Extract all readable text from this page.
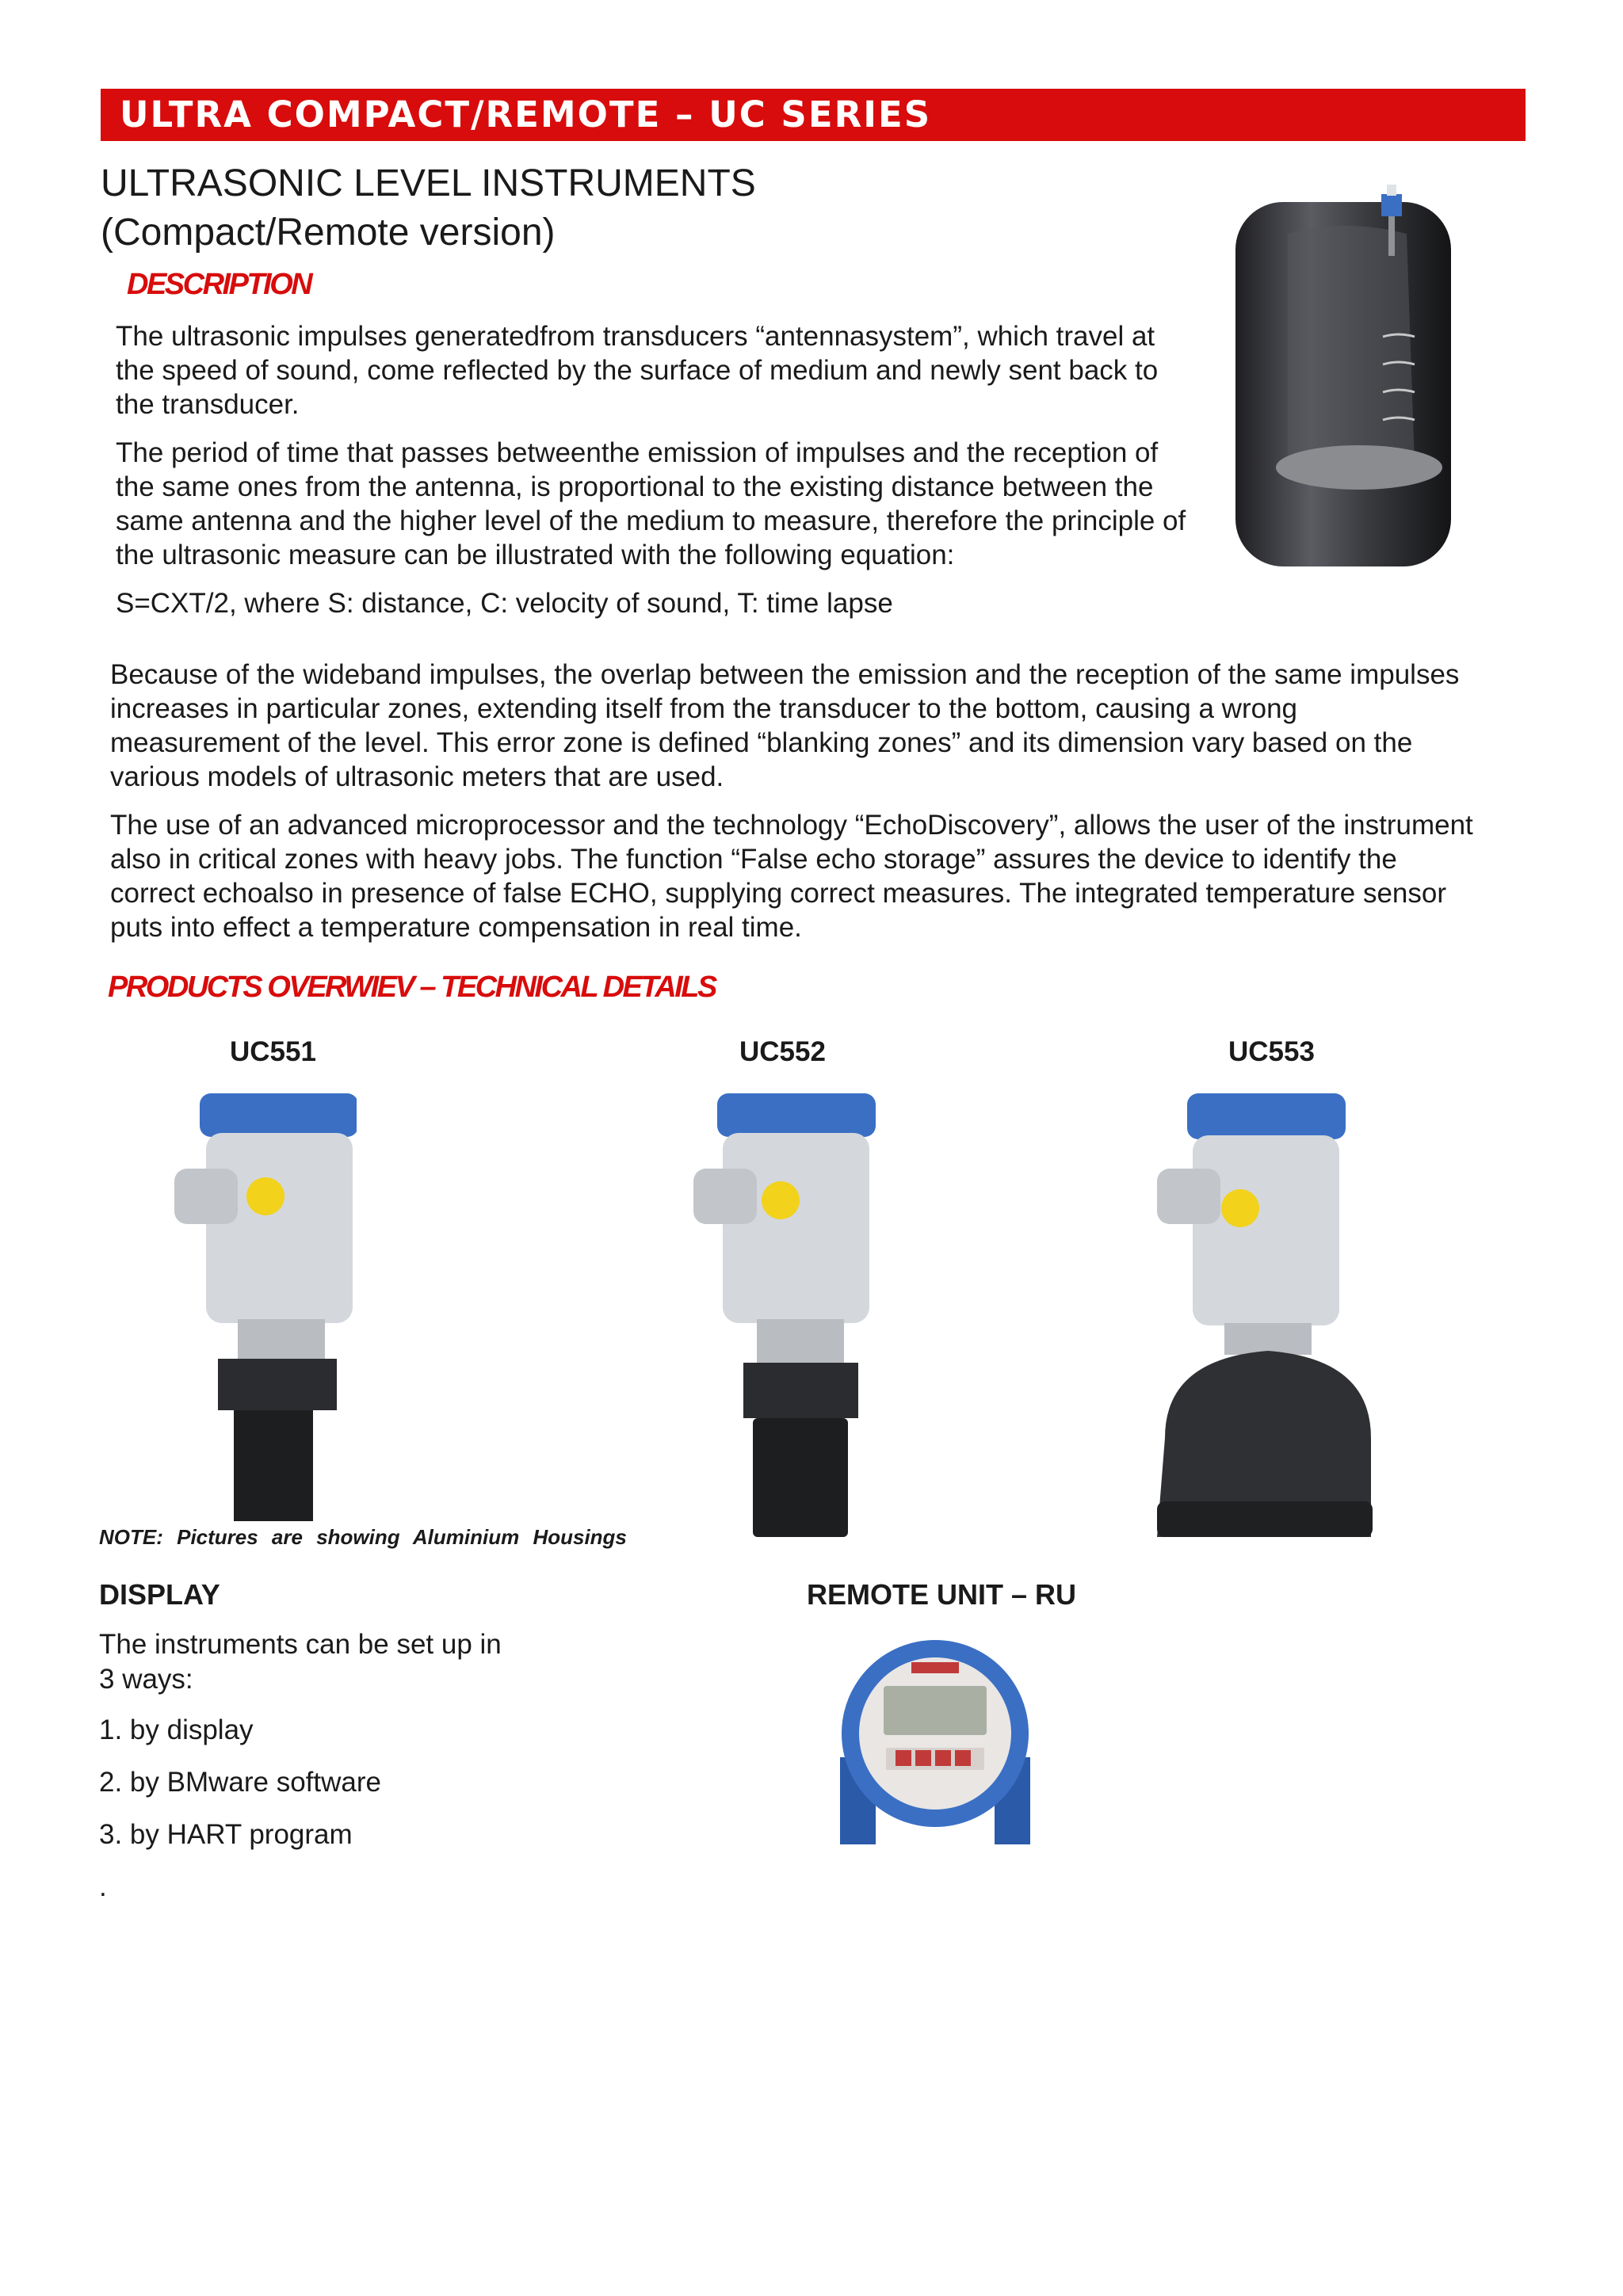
ULTRA COMPACT/REMOTE – UC SERIES
ULTRASONIC LEVEL INSTRUMENTS
(Compact/Remote version)
DESCRIPTION

The ultrasonic impulses generatedfrom transducers “antennasystem”, which travel at the speed of sound, come reflected by the surface of medium and newly sent back to the transducer.

The period of time that passes betweenthe emission of impulses and the reception of the same ones from the antenna, is proportional to the existing distance between the same antenna and the higher level of the medium to measure, therefore the principle of the ultrasonic measure can be illustrated with the following equation:

S=CXT/2, where S: distance, C: velocity of sound, T: time lapse

Because of the wideband impulses, the overlap between the emission and the reception of the same impulses increases in particular zones, extending itself from the transducer to the bottom, causing a wrong measurement of the level. This error zone is defined “blanking zones” and its dimension vary based on the various models of ultrasonic meters that are used.

The use of an advanced microprocessor and the technology “EchoDiscovery”, allows the user of the instrument also in critical zones with heavy jobs. The function “False echo storage” assures the device to identify the correct echoalso in presence of false ECHO, supplying correct measures. The integrated temperature sensor puts into effect a temperature compensation in real time.

PRODUCTS OVERWIEV – TECHNICAL DETAILS
UC551	UC552	UC553
NOTE: Pictures are showing Aluminium Housings
DISPLAY
The instruments can be set up in 3 ways:
1. by display
2. by BMware software
3. by HART program
.
REMOTE UNIT – RU
